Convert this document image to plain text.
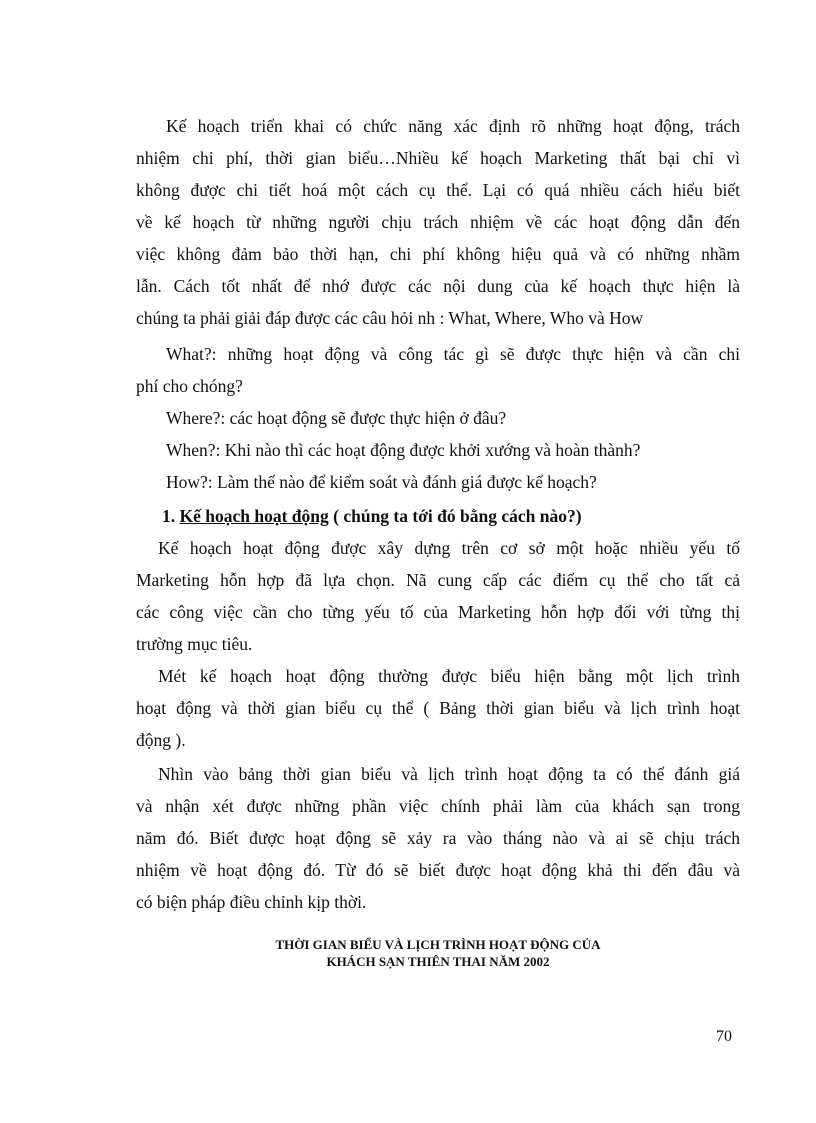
Kế hoạch triển khai có chức năng xác định rõ những hoạt động, trách
nhiệm chi phí, thời gian biểu…Nhiều kế hoạch Marketing thất bại chỉ vì
không được chi tiết hoá một cách cụ thể. Lại có quá nhiều cách hiểu biết
về kế hoạch từ những người chịu trách nhiệm về các hoạt động dẫn đến
việc không đảm bảo thời hạn, chi phí không hiệu quả và có những nhầm
lẫn. Cách tốt nhất để nhớ được các nội dung của kế hoạch thực hiện là
chúng ta phải giải đáp được các câu hỏi nh : What, Where, Who và How
What?: những hoạt động và công tác gì sẽ được thực hiện và cần chi
phí cho chóng?
Where?: các hoạt động sẽ được thực hiện ở đâu?
When?: Khi nào thì các hoạt động được khởi xướng và hoàn thành?
How?: Làm thế nào để kiểm soát và đánh giá được kế hoạch?
1. Kế hoạch hoạt động ( chúng ta tới đó bằng cách nào?)
Kế hoạch hoạt động được xây dựng trên cơ sở một hoặc nhiều yếu tố
Marketing hỗn hợp đã lựa chọn. Nã cung cấp các điểm cụ thể cho tất cả
các công việc cần cho từng yếu tố của Marketing hỗn hợp đối với từng thị
trường mục tiêu.
Mét kế hoạch hoạt động thường được biểu hiện bằng một lịch trình
hoạt động và thời gian biểu cụ thể ( Bảng thời gian biểu và lịch trình hoạt
động ).
Nhìn vào bảng thời gian biểu và lịch trình hoạt động ta có thể đánh giá
và nhận xét được những phần việc chính phải làm của khách sạn trong
năm đó. Biết được hoạt động sẽ xảy ra vào tháng nào và ai sẽ chịu trách
nhiệm về hoạt động đó. Từ đó sẽ biết được hoạt động khả thi đến đâu và
có biện pháp điều chỉnh kịp thời.
THỜI GIAN BIỂU VÀ LỊCH TRÌNH HOẠT ĐỘNG CỦA
KHÁCH SẠN THIÊN THAI NĂM 2002
70
